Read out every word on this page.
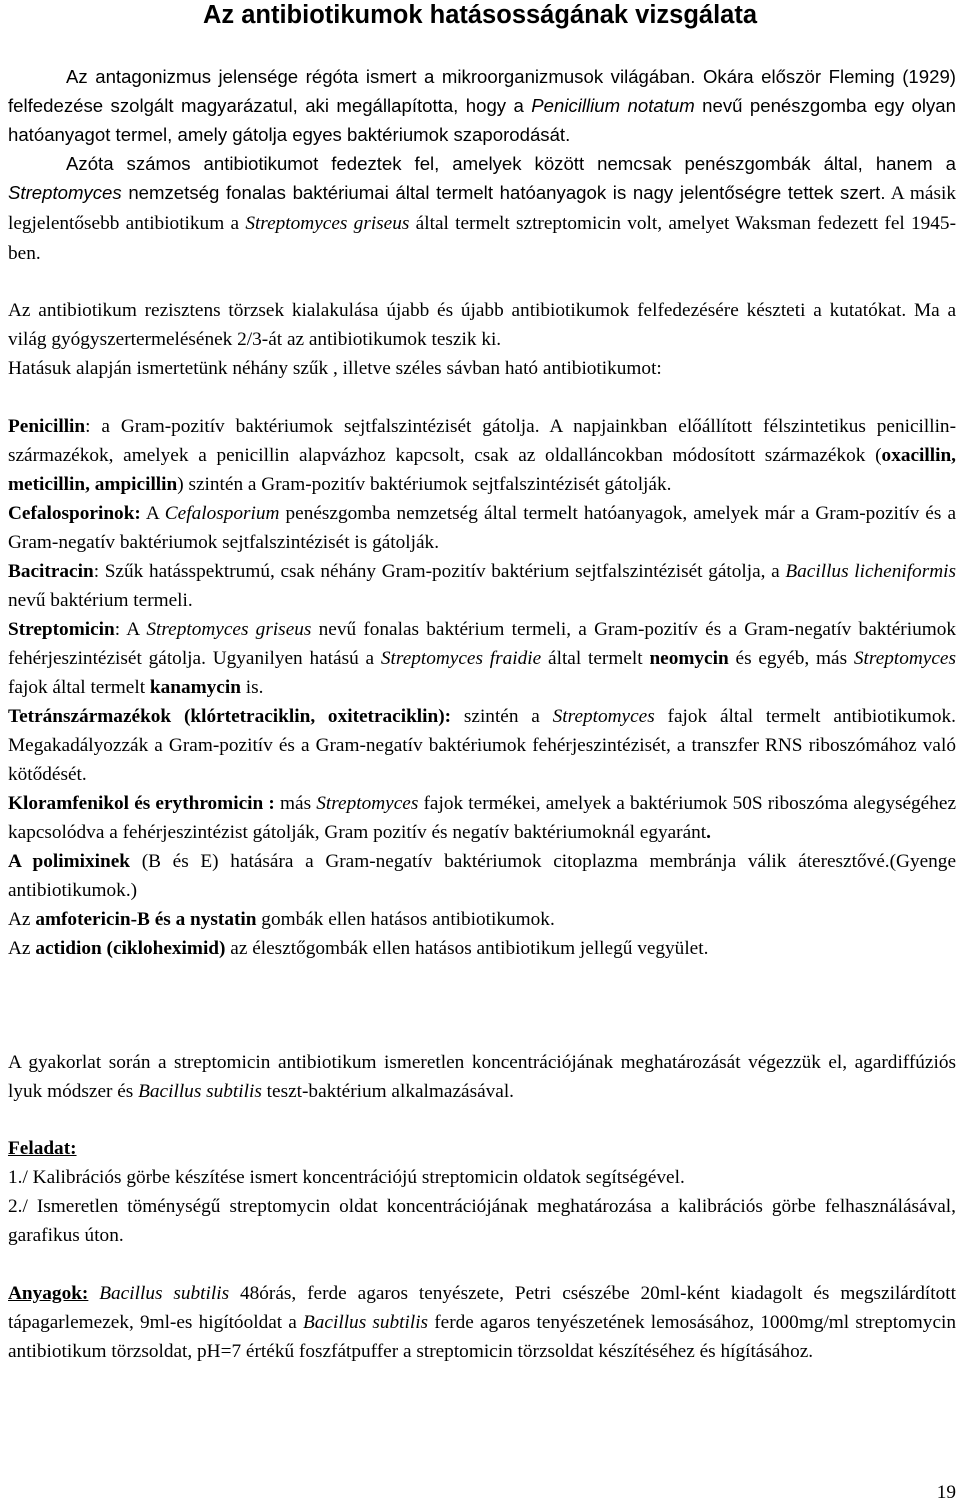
Az antibiotikumok hatásosságának vizsgálata

Az antagonizmus jelensége régóta ismert a mikroorganizmusok világában. Okára először Fleming (1929) felfedezése szolgált magyarázatul, aki megállapította, hogy a Penicillium notatum nevű penészgomba egy olyan hatóanyagot termel, amely gátolja egyes baktériumok szaporodását.

Azóta számos antibiotikumot fedeztek fel, amelyek között nemcsak penészgombák által, hanem a Streptomyces nemzetség fonalas baktériumai által termelt hatóanyagok is nagy jelentőségre tettek szert. A másik legjelentősebb antibiotikum a Streptomyces griseus által termelt sztreptomicin volt, amelyet Waksman fedezett fel 1945-ben.

Az antibiotikum rezisztens törzsek kialakulása újabb és újabb antibiotikumok felfedezésére készteti a kutatókat. Ma a világ gyógyszertermelésének 2/3-át az antibiotikumok teszik ki.

Hatásuk alapján ismertetünk néhány szűk , illetve széles sávban ható antibiotikumot:

Penicillin: a Gram-pozitív baktériumok sejtfalszintézisét gátolja. A napjainkban előállított félszintetikus penicillin-származékok, amelyek a penicillin alapvázhoz kapcsolt, csak az oldalláncokban módosított származékok (oxacillin, meticillin, ampicillin) szintén a Gram-pozitív baktériumok sejtfalszintézisét gátolják.

Cefalosporinok: A Cefalosporium penészgomba nemzetség által termelt hatóanyagok, amelyek már a Gram-pozitív és a Gram-negatív baktériumok sejtfalszintézisét is gátolják.

Bacitracin: Szűk hatásspektrumú, csak néhány Gram-pozitív baktérium sejtfalszintézisét gátolja, a Bacillus licheniformis nevű baktérium termeli.

Streptomicin: A Streptomyces griseus nevű fonalas baktérium termeli, a Gram-pozitív és a Gram-negatív baktériumok fehérjeszintézisét gátolja. Ugyanilyen hatású a Streptomyces fraidie által termelt neomycin és egyéb, más Streptomyces fajok által termelt kanamycin is.

Tetránszármazékok (klórtetraciklin, oxitetraciklin): szintén a Streptomyces fajok által termelt antibiotikumok. Megakadályozzák a Gram-pozitív és a Gram-negatív baktériumok fehérjeszintézisét, a transzfer RNS riboszómához való kötődését.

Kloramfenikol és erythromicin : más Streptomyces fajok termékei, amelyek a baktériumok 50S riboszóma alegységéhez kapcsolódva a fehérjeszintézist gátolják, Gram pozitív és negatív baktériumoknál egyaránt.

A polimixinek (B és E) hatására a Gram-negatív baktériumok citoplazma membránja válik áteresztővé.(Gyenge antibiotikumok.)

Az amfotericin-B és a nystatin gombák ellen hatásos antibiotikumok.

Az actidion (cikloheximid) az élesztőgombák ellen hatásos antibiotikum jellegű vegyület.

A gyakorlat során a streptomicin antibiotikum ismeretlen koncentrációjának meghatározását végezzük el, agardiffúziós lyuk módszer és Bacillus subtilis teszt-baktérium alkalmazásával.

Feladat:

1./ Kalibrációs görbe készítése ismert koncentrációjú streptomicin oldatok segítségével.

2./ Ismeretlen töménységű streptomycin oldat koncentrációjának meghatározása a kalibrációs görbe felhasználásával, garafikus úton.

Anyagok: Bacillus subtilis 48órás, ferde agaros tenyészete, Petri csészébe 20ml-ként kiadagolt és megszilárdított tápagarlemezek, 9ml-es higítóoldat a Bacillus subtilis ferde agaros tenyészetének lemosásához, 1000mg/ml streptomycin antibiotikum törzsoldat, pH=7 értékű foszfátpuffer a streptomicin törzsoldat készítéséhez és hígításához.

19
